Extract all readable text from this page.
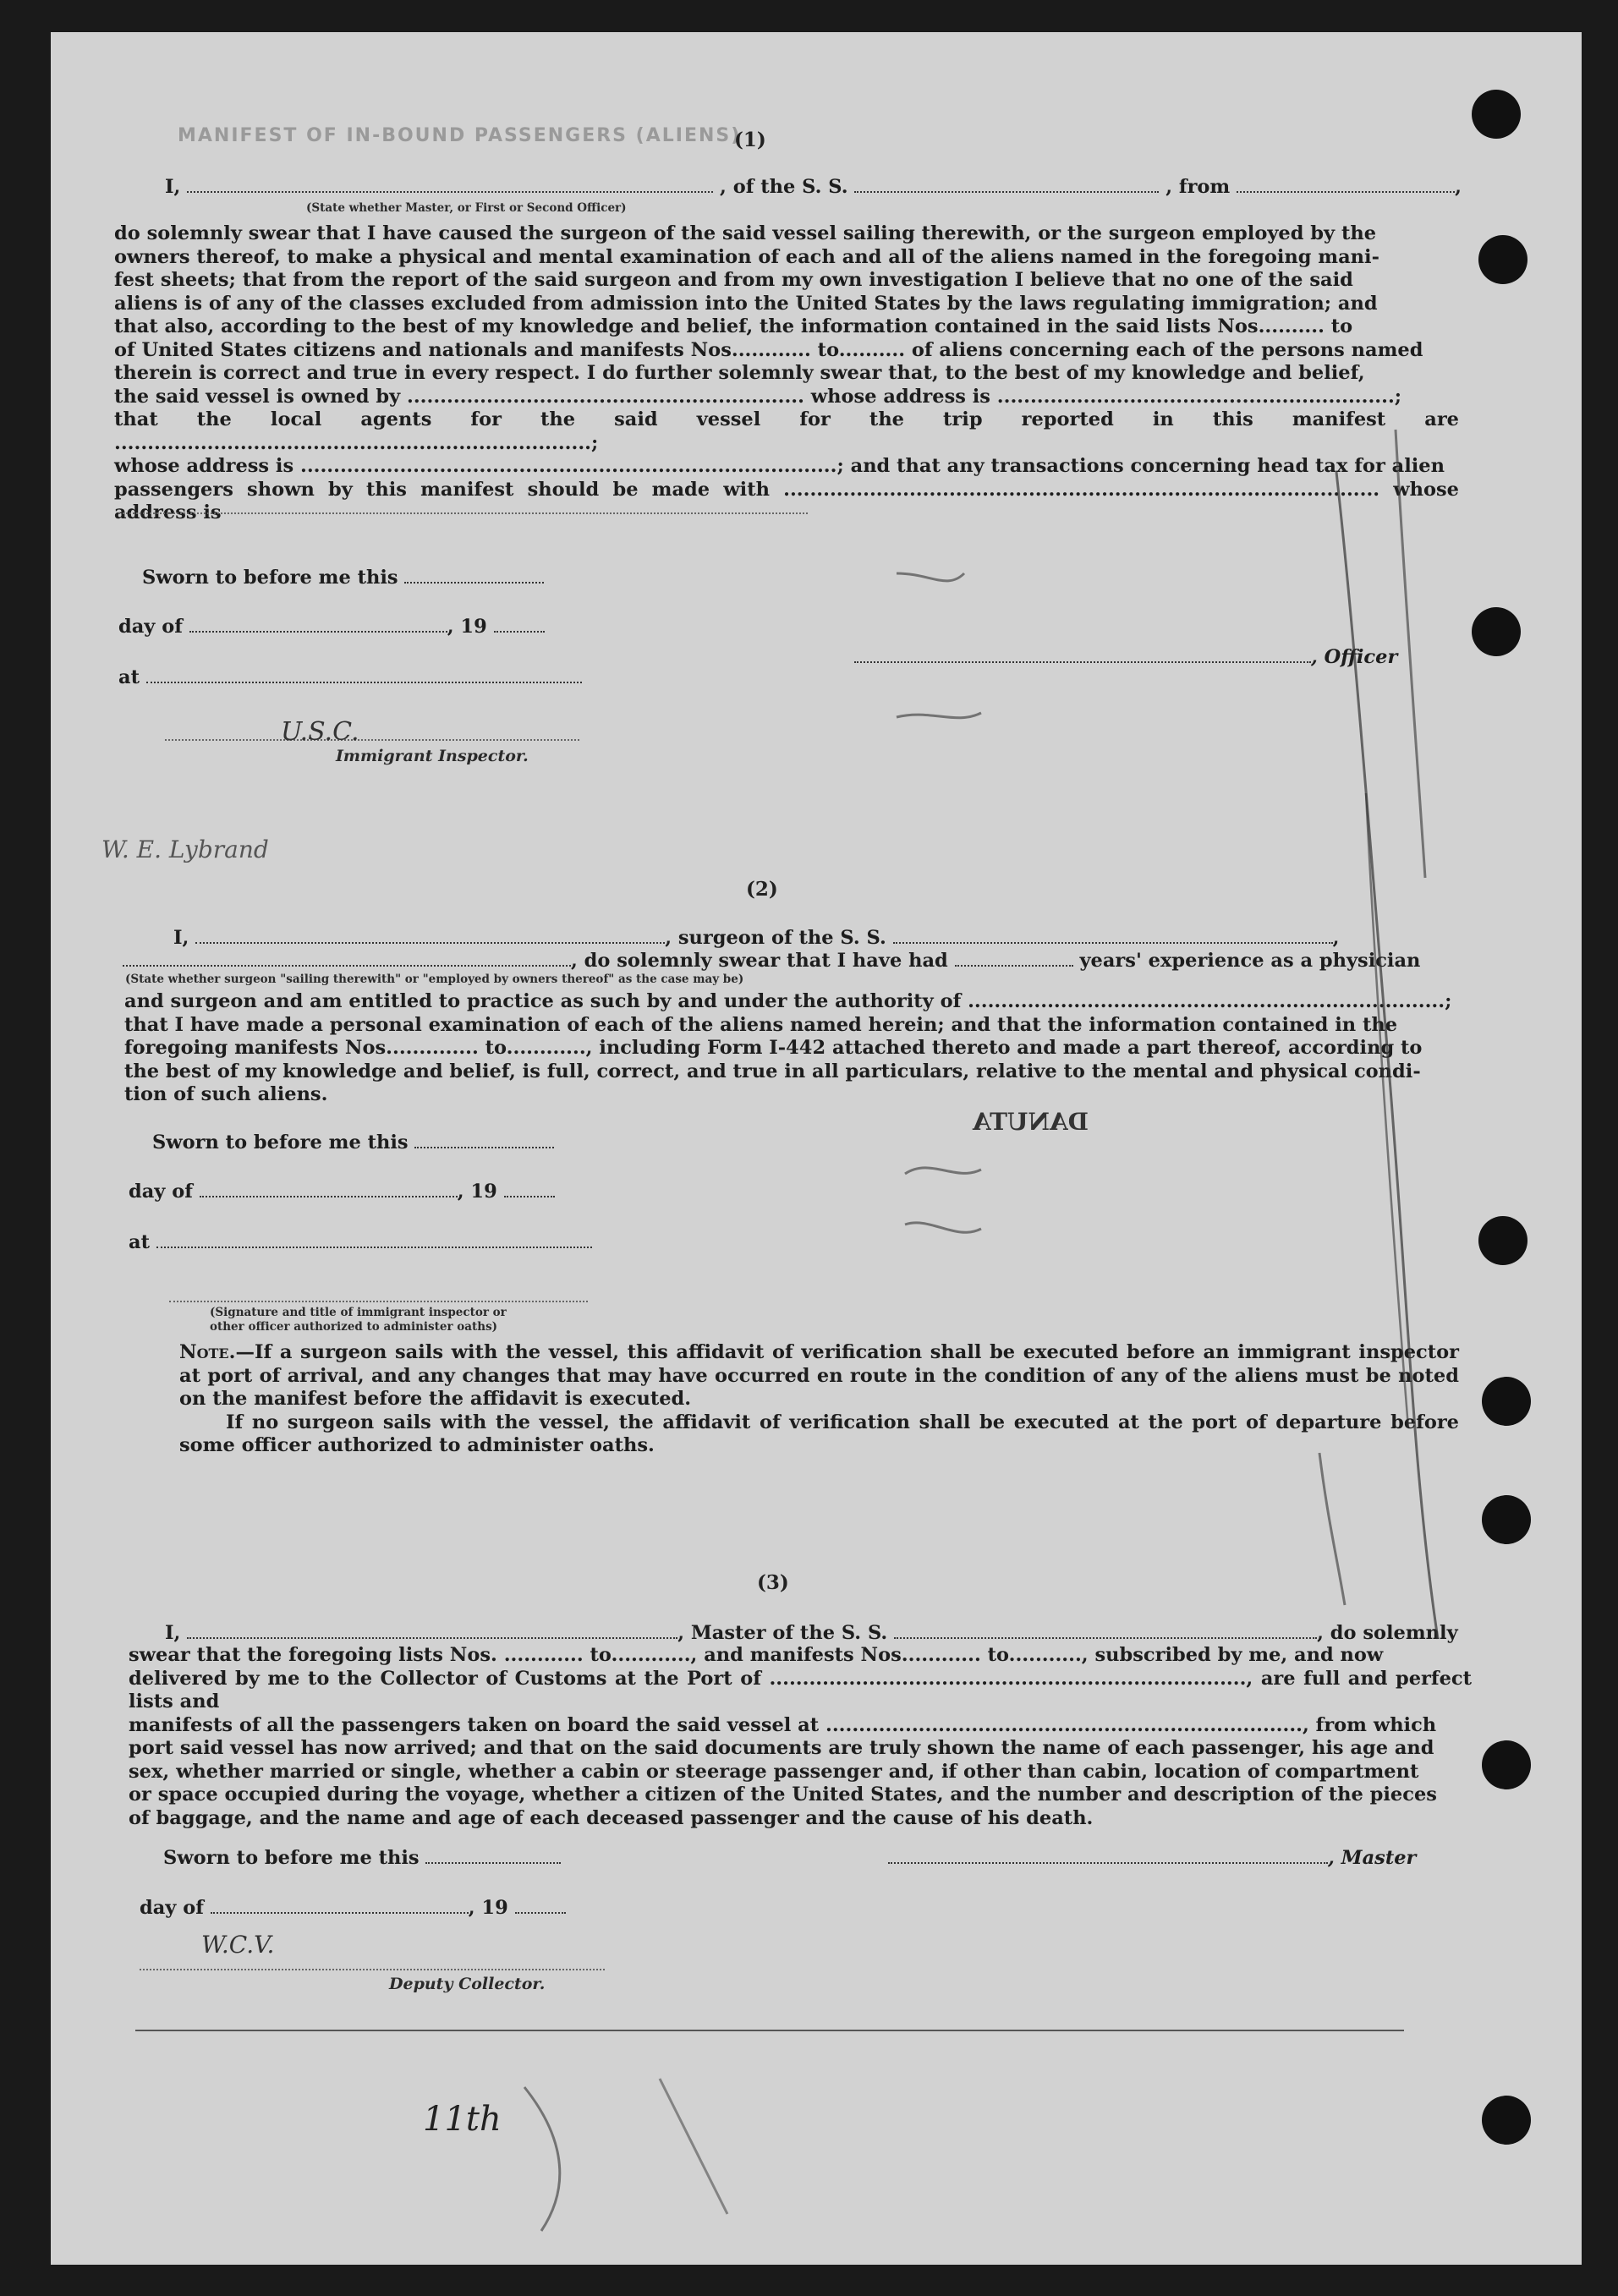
MANIFEST OF IN-BOUND PASSENGERS (ALIENS)
(1)
I,	, of the S. S.	, from	,
(State whether Master, or First or Second Officer)

do solemnly swear that I have caused the surgeon of the said vessel sailing therewith, or the surgeon employed by the

owners thereof, to make a physical and mental examination of each and all of the aliens named in the foregoing mani-

fest sheets; that from the report of the said surgeon and from my own investigation I believe that no one of the said

aliens is of any of the classes excluded from admission into the United States by the laws regulating immigration; and

that also, according to the best of my knowledge and belief, the information contained in the said lists Nos.......... to

of United States citizens and nationals and manifests Nos............ to.......... of aliens concerning each of the persons named

therein is correct and true in every respect. I do further solemnly swear that, to the best of my knowledge and belief,

the said vessel is owned by ............................................................ whose address is ............................................................;

that the local agents for the said vessel for the trip reported in this manifest are ........................................................................;

whose address is .................................................................................; and that any transactions concerning head tax for alien

passengers shown by this manifest should be made with .......................................................................................... whose address is

Sworn to before me this
day of	, 19
at
, Officer
Immigrant Inspector.
U.S.C.
W. E. Lybrand
(2)
I,	, surgeon of the S. S.	,
, do solemnly swear that I have had	years' experience as a physician
(State whether surgeon "sailing therewith" or "employed by owners thereof" as the case may be)

and surgeon and am entitled to practice as such by and under the authority of ........................................................................;

that I have made a personal examination of each of the aliens named herein; and that the information contained in the

foregoing manifests Nos.............. to............, including Form I-442 attached thereto and made a part thereof, according to

the best of my knowledge and belief, is full, correct, and true in all particulars, relative to the mental and physical condi-

tion of such aliens.

Sworn to before me this
day of	, 19
at
(Signature and title of immigrant inspector or
other officer authorized to administer oaths)

Note.—If a surgeon sails with the vessel, this affidavit of verification shall be executed before an immigrant inspector at port of arrival, and any changes that may have occurred en route in the condition of any of the aliens must be noted on the manifest before the affidavit is executed.

If no surgeon sails with the vessel, the affidavit of verification shall be executed at the port of departure before some officer authorized to administer oaths.

DANUTA
(3)
I,	, Master of the S. S.	, do solemnly

swear that the foregoing lists Nos. ............ to............, and manifests Nos............ to..........., subscribed by me, and now

delivered by me to the Collector of Customs at the Port of ........................................................................, are full and perfect lists and

manifests of all the passengers taken on board the said vessel at ........................................................................, from which

port said vessel has now arrived; and that on the said documents are truly shown the name of each passenger, his age and

sex, whether married or single, whether a cabin or steerage passenger and, if other than cabin, location of compartment

or space occupied during the voyage, whether a citizen of the United States, and the number and description of the pieces

of baggage, and the name and age of each deceased passenger and the cause of his death.

Sworn to before me this	, Master
day of	, 19
Deputy Collector.
W.C.V.
11th
